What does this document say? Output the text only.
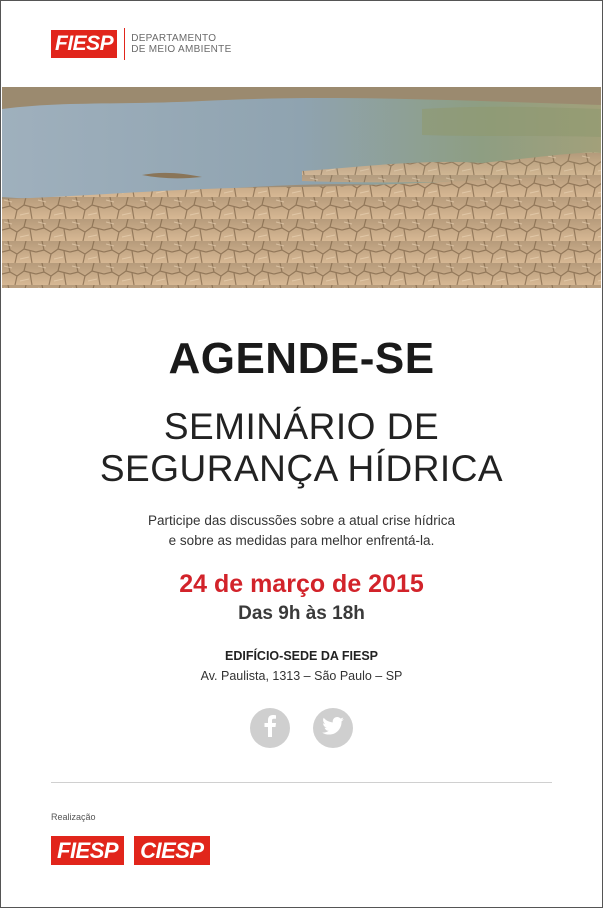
FIESP	DEPARTAMENTO
DE MEIO AMBIENTE
AGENDE-SE
SEMINÁRIO DE
SEGURANÇA HÍDRICA
Participe das discussões sobre a atual crise hídrica
e sobre as medidas para melhor enfrentá-la.
24 de março de 2015
Das 9h às 18h
EDIFÍCIO-SEDE DA FIESP
Av. Paulista, 1313 – São Paulo – SP
Realização
FIESP CIESP
